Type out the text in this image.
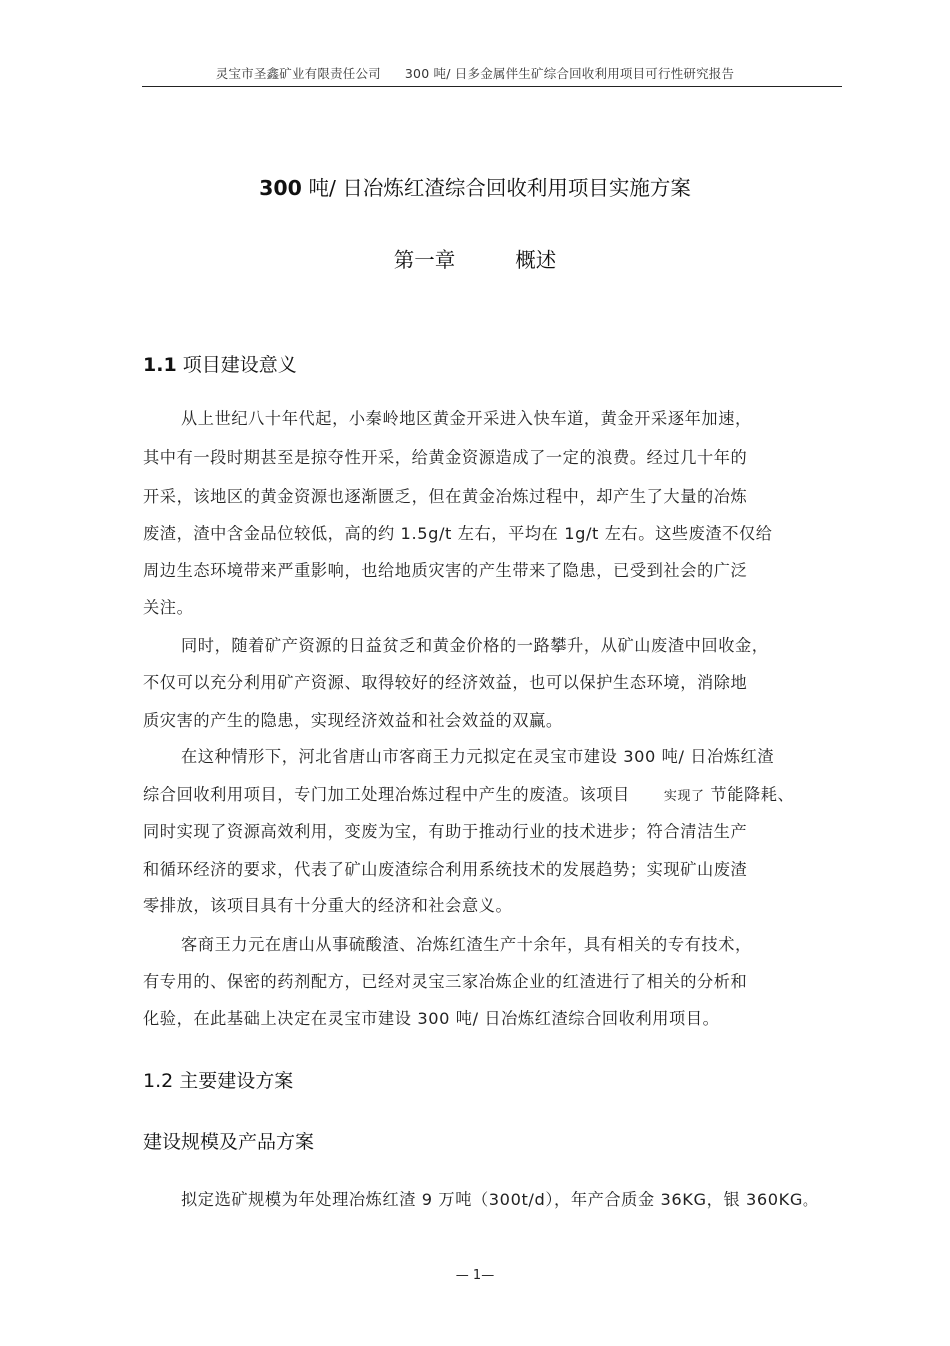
灵宝市圣鑫矿业有限责任公司 300 吨/ 日多金属伴生矿综合回收利用项目可行性研究报告
300 吨/ 日冶炼红渣综合回收利用项目实施方案
第一章	概述
1.1 项目建设意义
从上世纪八十年代起，小秦岭地区黄金开采进入快车道，黄金开采逐年加速，
其中有一段时期甚至是掠夺性开采，给黄金资源造成了一定的浪费。经过几十年的
开采，该地区的黄金资源也逐渐匮乏，但在黄金冶炼过程中，却产生了大量的冶炼
废渣，渣中含金品位较低，高的约 1.5g/t 左右，平均在 1g/t 左右。这些废渣不仅给
周边生态环境带来严重影响，也给地质灾害的产生带来了隐患，已受到社会的广泛
关注。
同时，随着矿产资源的日益贫乏和黄金价格的一路攀升，从矿山废渣中回收金，
不仅可以充分利用矿产资源、取得较好的经济效益，也可以保护生态环境，消除地
质灾害的产生的隐患，实现经济效益和社会效益的双赢。
在这种情形下，河北省唐山市客商王力元拟定在灵宝市建设 300 吨/ 日冶炼红渣
综合回收利用项目，专门加工处理冶炼过程中产生的废渣。该项目	实现了 节能降耗、
同时实现了资源高效利用，变废为宝，有助于推动行业的技术进步；符合清洁生产
和循环经济的要求，代表了矿山废渣综合利用系统技术的发展趋势；实现矿山废渣
零排放，该项目具有十分重大的经济和社会意义。
客商王力元在唐山从事硫酸渣、冶炼红渣生产十余年，具有相关的专有技术，
有专用的、保密的药剂配方，已经对灵宝三家冶炼企业的红渣进行了相关的分析和
化验，在此基础上决定在灵宝市建设 300 吨/ 日冶炼红渣综合回收利用项目。
1.2 主要建设方案
建设规模及产品方案
拟定选矿规模为年处理冶炼红渣 9 万吨（300t/d），年产合质金 36KG，银 360KG。
— 1—
